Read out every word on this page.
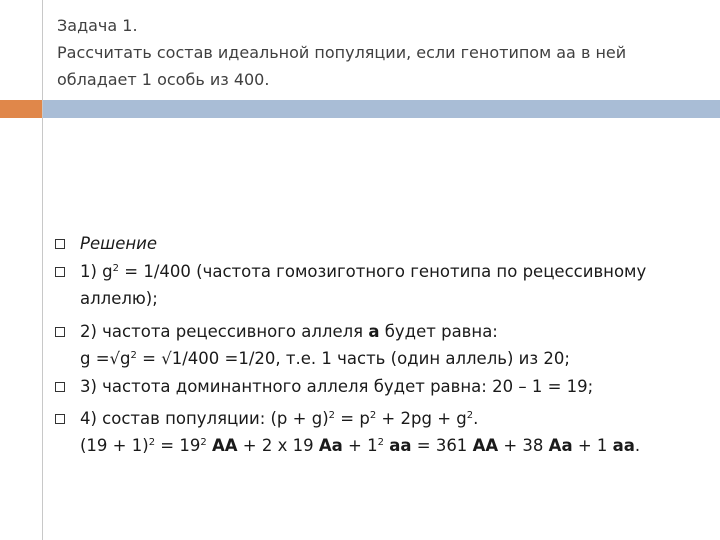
Задача 1.
Рассчитать состав идеальной популяции, если генотипом аа в ней
обладает 1 особь из 400.
Решение
1) $g^2 = 1/400$ (частота гомозиготного генотипа по рецессивному
аллелю);
2) частота рецессивного аллеля а будет равна:
$g =√g^2 = √1/400 =1/20$, т.е. 1 часть (один аллель) из 20;
3) частота доминантного аллеля будет равна: 20 – 1 = 19;
4) состав популяции: $(p + g)^2 = p^2 + 2pg + g^2$.
$(19 + 1)^2 = 19^2$ АА + 2 х 19 Аа + $1^2$ аа = 361 АА + 38 Аа + 1 аа.
